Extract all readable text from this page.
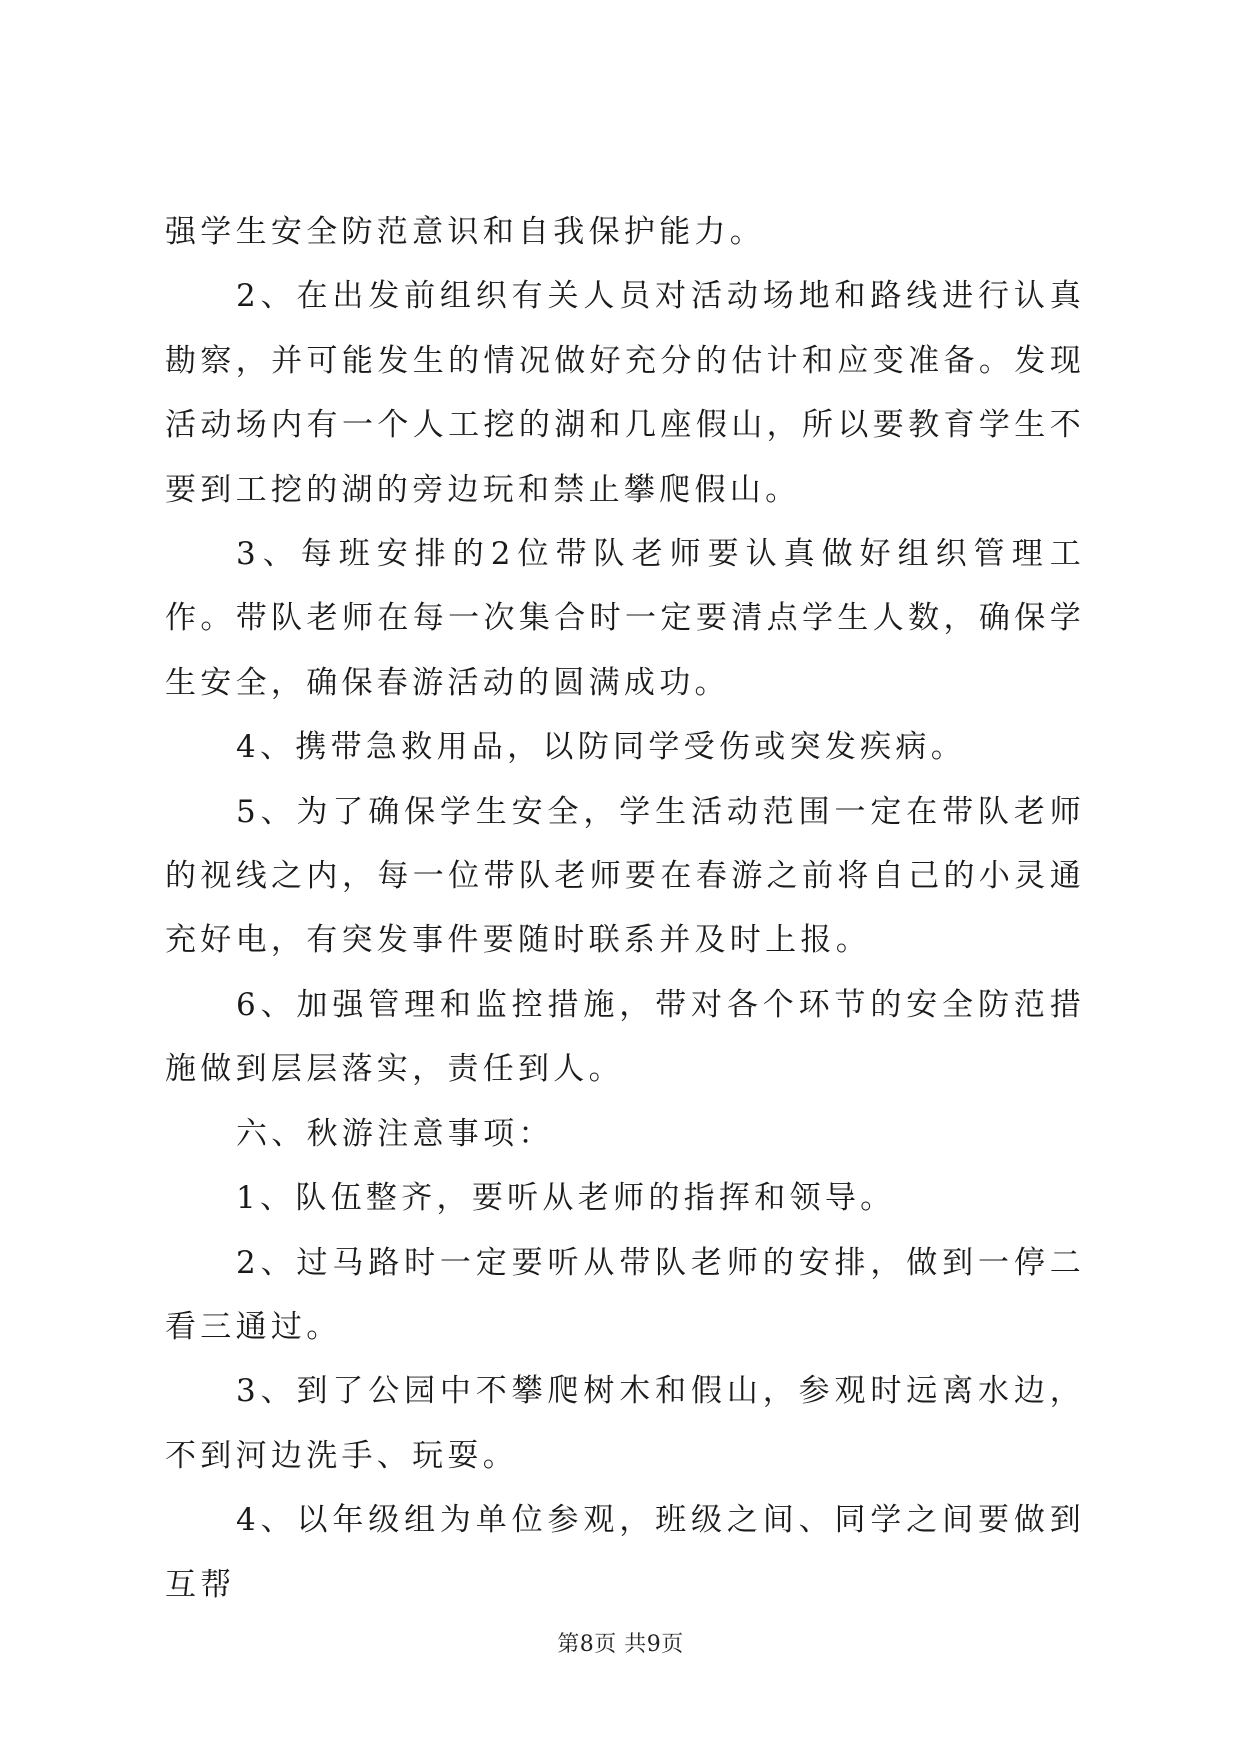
强学生安全防范意识和自我保护能力。

2、在出发前组织有关人员对活动场地和路线进行认真勘察，并可能发生的情况做好充分的估计和应变准备。发现活动场内有一个人工挖的湖和几座假山，所以要教育学生不要到工挖的湖的旁边玩和禁止攀爬假山。

3、每班安排的2位带队老师要认真做好组织管理工作。带队老师在每一次集合时一定要清点学生人数，确保学生安全，确保春游活动的圆满成功。

4、携带急救用品，以防同学受伤或突发疾病。

5、为了确保学生安全，学生活动范围一定在带队老师的视线之内，每一位带队老师要在春游之前将自己的小灵通充好电，有突发事件要随时联系并及时上报。

6、加强管理和监控措施，带对各个环节的安全防范措施做到层层落实，责任到人。

六、秋游注意事项：

1、队伍整齐，要听从老师的指挥和领导。

2、过马路时一定要听从带队老师的安排，做到一停二看三通过。

3、到了公园中不攀爬树木和假山，参观时远离水边，不到河边洗手、玩耍。

4、以年级组为单位参观，班级之间、同学之间要做到互帮

第8页 共9页
